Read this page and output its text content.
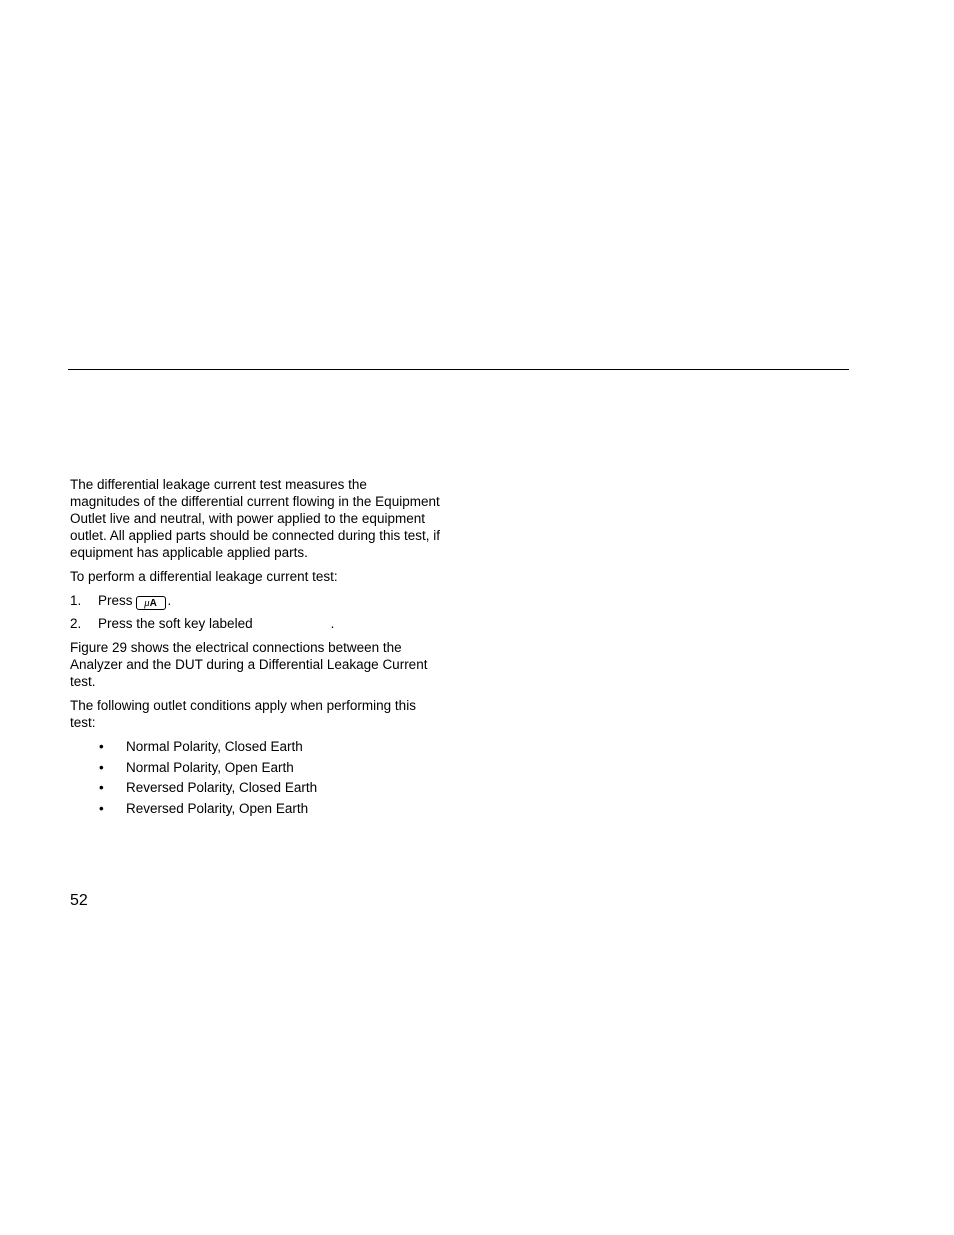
The differential leakage current test measures the magnitudes of the differential current flowing in the Equipment Outlet live and neutral, with power applied to the equipment outlet. All applied parts should be connected during this test, if equipment has applicable applied parts.

To perform a differential leakage current test:

1. Press μA .
2. Press the soft key labeled	.

Figure 29 shows the electrical connections between the Analyzer and the DUT during a Differential Leakage Current test.

The following outlet conditions apply when performing this test:

• Normal Polarity, Closed Earth
• Normal Polarity, Open Earth
• Reversed Polarity, Closed Earth
• Reversed Polarity, Open Earth
52
